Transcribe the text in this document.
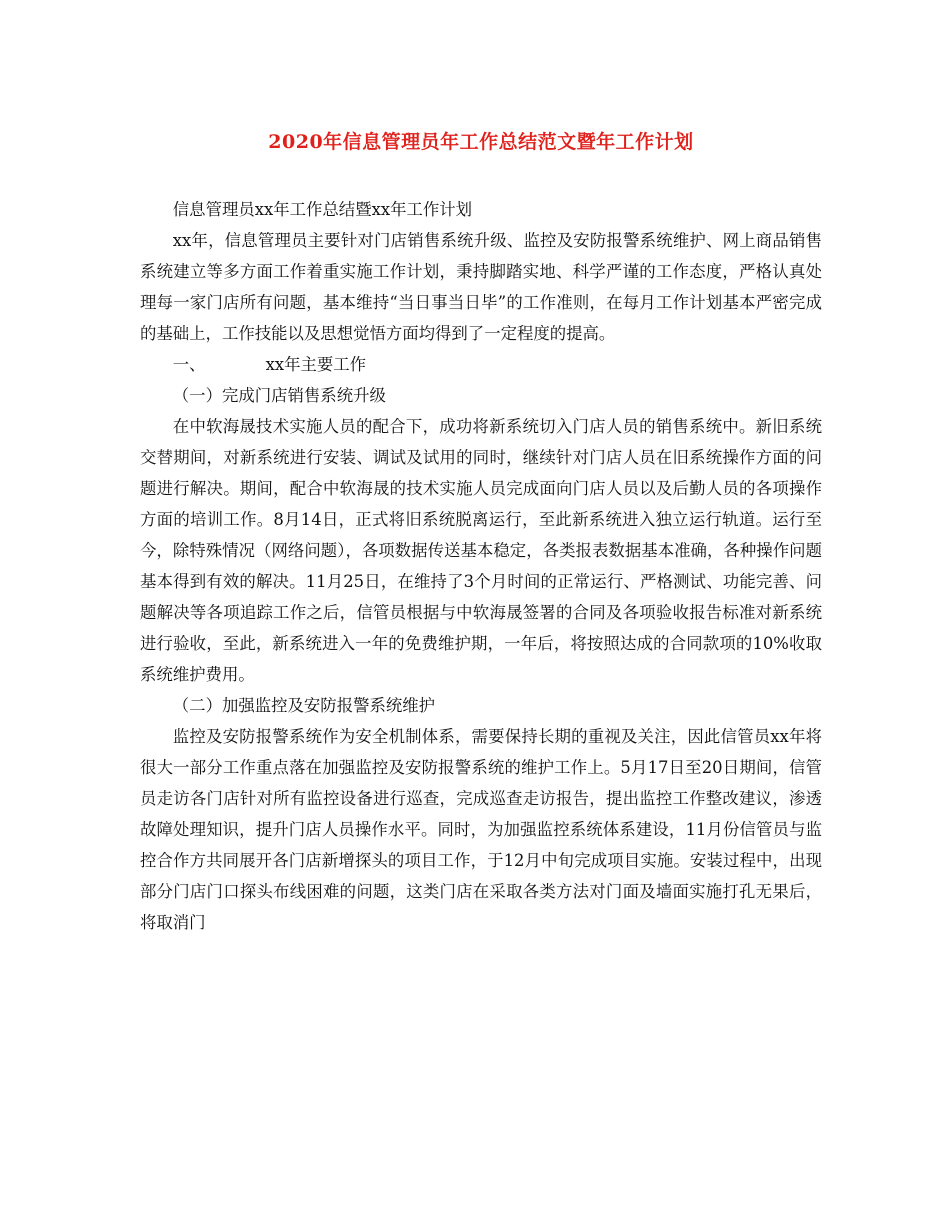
2020年信息管理员年工作总结范文暨年工作计划

信息管理员xx年工作总结暨xx年工作计划

xx年，信息管理员主要针对门店销售系统升级、监控及安防报警系统维护、网上商品销售系统建立等多方面工作着重实施工作计划，秉持脚踏实地、科学严谨的工作态度，严格认真处理每一家门店所有问题，基本维持“当日事当日毕”的工作准则，在每月工作计划基本严密完成的基础上，工作技能以及思想觉悟方面均得到了一定程度的提高。

一、	xx年主要工作

（一）完成门店销售系统升级

在中软海晟技术实施人员的配合下，成功将新系统切入门店人员的销售系统中。新旧系统交替期间，对新系统进行安装、调试及试用的同时，继续针对门店人员在旧系统操作方面的问题进行解决。期间，配合中软海晟的技术实施人员完成面向门店人员以及后勤人员的各项操作方面的培训工作。8月14日，正式将旧系统脱离运行，至此新系统进入独立运行轨道。运行至今，除特殊情况（网络问题），各项数据传送基本稳定，各类报表数据基本准确，各种操作问题基本得到有效的解决。11月25日，在维持了3个月时间的正常运行、严格测试、功能完善、问题解决等各项追踪工作之后，信管员根据与中软海晟签署的合同及各项验收报告标准对新系统进行验收，至此，新系统进入一年的免费维护期，一年后，将按照达成的合同款项的10%收取系统维护费用。

（二）加强监控及安防报警系统维护

监控及安防报警系统作为安全机制体系，需要保持长期的重视及关注，因此信管员xx年将很大一部分工作重点落在加强监控及安防报警系统的维护工作上。5月17日至20日期间，信管员走访各门店针对所有监控设备进行巡查，完成巡查走访报告，提出监控工作整改建议，渗透故障处理知识，提升门店人员操作水平。同时，为加强监控系统体系建设，11月份信管员与监控合作方共同展开各门店新增探头的项目工作，于12月中旬完成项目实施。安装过程中，出现部分门店门口探头布线困难的问题，这类门店在采取各类方法对门面及墙面实施打孔无果后，将取消门
